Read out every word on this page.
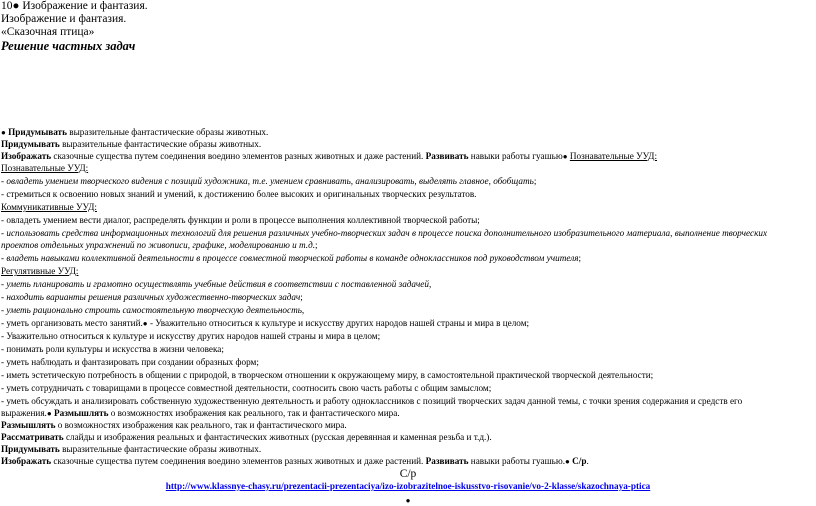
10● Изображение и фантазия.
Изображение и фантазия.
«Сказочная птица»
Решение частных задач
● Придумывать выразительные фантастические образы животных.
Придумывать выразительные фантастические образы животных.
Изображать сказочные существа путем соединения воедино элементов разных животных и даже растений. Развивать навыки работы гуашью● Познавательные УУД:
Познавательные УУД:
- овладеть умением творческого видения с позиций художника, т.е. умением сравнивать, анализировать, выделять главное, обобщать;
- стремиться к освоению новых знаний и умений, к достижению более высоких и оригинальных творческих результатов.
Коммуникативные УУД:
- овладеть умением вести диалог, распределять функции и роли в процессе выполнения коллективной творческой работы;
- использовать средства информационных технологий для решения различных учебно-творческих задач в процессе поиска дополнительного изобразительного материала, выполнение творческих
проектов отдельных упражнений по живописи, графике, моделированию и т.д.;
- владеть навыками коллективной деятельности в процессе совместной творческой работы в команде одноклассников под руководством учителя;
Регулятивные УУД:
- уметь планировать и грамотно осуществлять учебные действия в соответствии с поставленной задачей,
- находить варианты решения различных художественно-творческих задач;
- уметь рационально строить самостоятельную творческую деятельность,
- уметь организовать место занятий.● - Уважительно относиться к культуре и искусству других народов нашей страны и мира в целом;
- Уважительно относиться к культуре и искусству других народов нашей страны и мира в целом;
- понимать роли культуры и искусства в жизни человека;
- уметь наблюдать и фантазировать при создании образных форм;
- иметь эстетическую потребность в общении с природой, в творческом отношении к окружающему миру, в самостоятельной практической творческой деятельности;
- уметь сотрудничать с товарищами в процессе совместной деятельности, соотносить свою часть работы с общим замыслом;
- уметь обсуждать и анализировать собственную художественную деятельность и работу одноклассников с позиций творческих задач данной темы, с точки зрения содержания и средств его
выражения.● Размышлять о возможностях изображения как реального, так и фантастического мира.
Размышлять о возможностях изображения как реального, так и фантастического мира.
Рассматривать слайды и изображения реальных и фантастических животных (русская деревянная и каменная резьба и т.д.).
Придумывать выразительные фантастические образы животных.
Изображать сказочные существа путем соединения воедино элементов разных животных и даже растений. Развивать навыки работы гуашью.● С/р.
С/р
http://www.klassnye-chasy.ru/prezentacii-prezentaciya/izo-izobrazitelnoe-iskusstvo-risovanie/vo-2-klasse/skazochnaya-ptica
●
